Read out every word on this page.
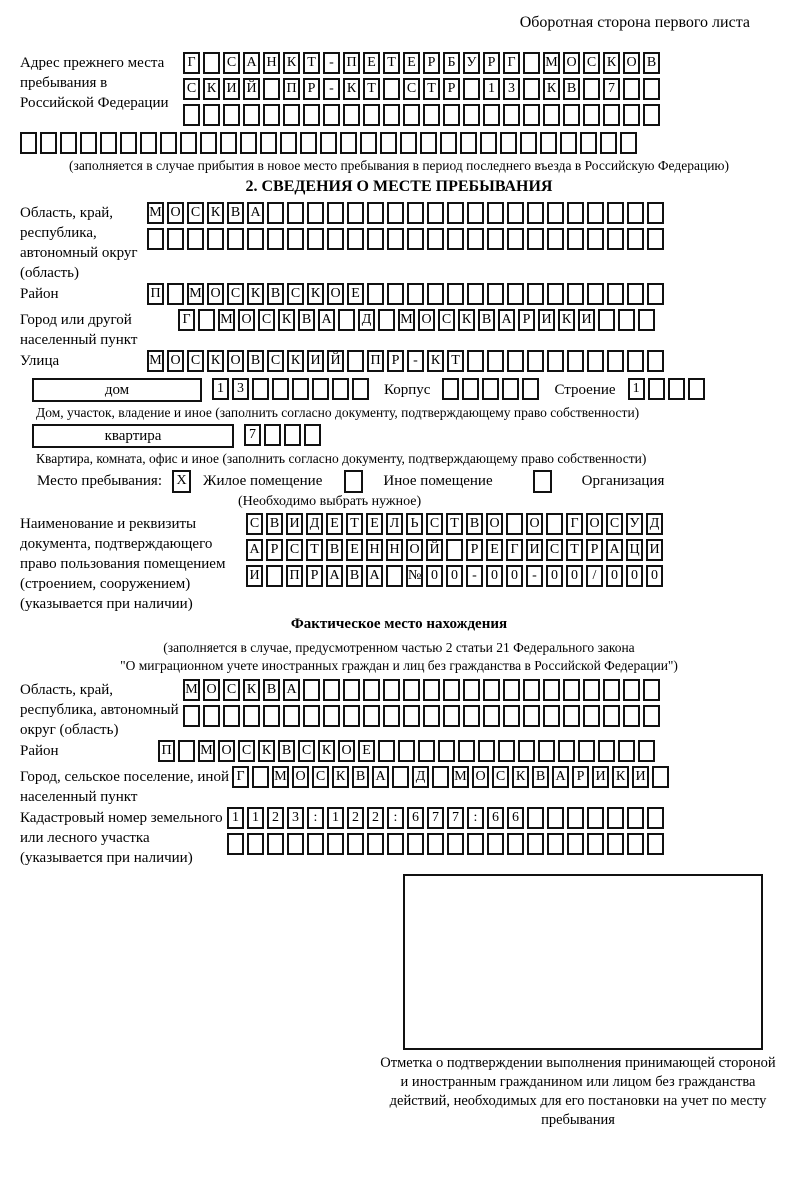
Оборотная сторона первого листа
Адрес прежнего места пребывания в Российской Федерации
Г С А Н К Т - П Е Т Е Р Б У Р Г М О С К О В
С К И Й П Р - К Т С Т Р 1 3 К В 7
(заполняется в случае прибытия в новое место пребывания в период последнего въезда в Российскую Федерацию)
2. СВЕДЕНИЯ О МЕСТЕ ПРЕБЫВАНИЯ
Область, край, республика, автономный округ (область)
М О С К В А
Район	П М О С К В С К О Е
Город или другой населенный пункт
Г М О С К В А Д М О С К В А Р И К И
Улица	М О С К О В С К И Й П Р - К Т
дом	1 3	Корпус	Строение 1
Дом, участок, владение и иное (заполнить согласно документу, подтверждающему право собственности)
квартира	7
Квартира, комната, офис и иное (заполнить согласно документу, подтверждающему право собственности)
Место пребывания:	X Жилое помещение	Иное помещение	Организация
(Необходимо выбрать нужное)
Наименование и реквизиты документа, подтверждающего право пользования помещением (строением, сооружением) (указывается при наличии)
С В И Д Е Т Е Л Ь С Т В О О Г О С У Д
А Р С Т В Е Н Н О Й Р Е Г И С Т Р А Ц И
И П Р А В А № 0 0 - 0 0 - 0 0 / 0 0 0
Фактическое место нахождения
(заполняется в случае, предусмотренном частью 2 статьи 21 Федерального закона
"О миграционном учете иностранных граждан и лиц без гражданства в Российской Федерации")
Область, край, республика, автономный округ (область)
М О С К В А
Район	П М О С К В С К О Е
Город, сельское поселение, иной населенный пункт
Г М О С К В А Д М О С К В А Р И К И
Кадастровый номер земельного или лесного участка (указывается при наличии)
1 1 2 3 : 1 2 2 : 6 7 7 : 6 6
Отметка о подтверждении выполнения принимающей стороной и иностранным гражданином или лицом без гражданства действий, необходимых для его постановки на учет по месту пребывания
